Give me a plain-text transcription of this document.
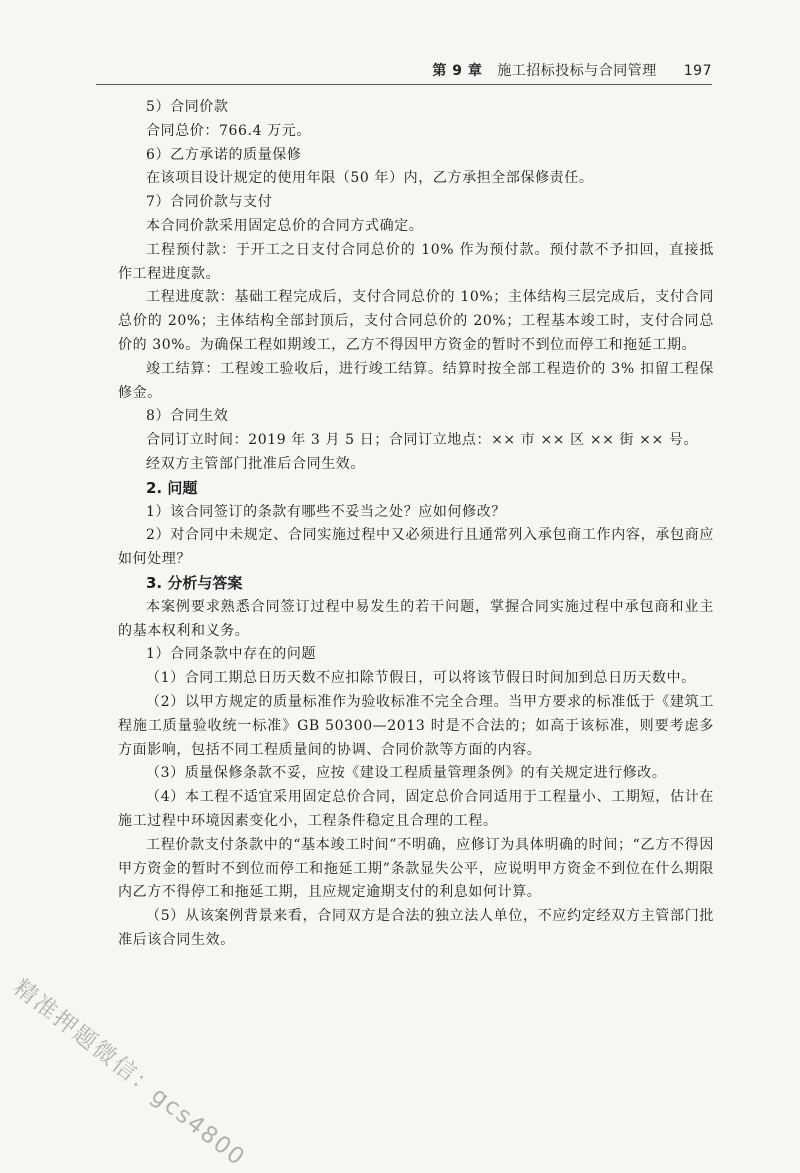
第 9 章 施工招标投标与合同管理 197

5）合同价款

合同总价：766.4 万元。

6）乙方承诺的质量保修

在该项目设计规定的使用年限（50 年）内，乙方承担全部保修责任。

7）合同价款与支付

本合同价款采用固定总价的合同方式确定。

工程预付款：于开工之日支付合同总价的 10% 作为预付款。预付款不予扣回，直接抵作工程进度款。

工程进度款：基础工程完成后，支付合同总价的 10%；主体结构三层完成后，支付合同总价的 20%；主体结构全部封顶后，支付合同总价的 20%；工程基本竣工时，支付合同总价的 30%。为确保工程如期竣工，乙方不得因甲方资金的暂时不到位而停工和拖延工期。

竣工结算：工程竣工验收后，进行竣工结算。结算时按全部工程造价的 3% 扣留工程保修金。

8）合同生效

合同订立时间：2019 年 3 月 5 日；合同订立地点：×× 市 ×× 区 ×× 街 ×× 号。

经双方主管部门批准后合同生效。

2. 问题

1）该合同签订的条款有哪些不妥当之处？应如何修改？

2）对合同中未规定、合同实施过程中又必须进行且通常列入承包商工作内容，承包商应如何处理？

3. 分析与答案

本案例要求熟悉合同签订过程中易发生的若干问题，掌握合同实施过程中承包商和业主的基本权利和义务。

1）合同条款中存在的问题

（1）合同工期总日历天数不应扣除节假日，可以将该节假日时间加到总日历天数中。

（2）以甲方规定的质量标准作为验收标准不完全合理。当甲方要求的标准低于《建筑工程施工质量验收统一标准》GB 50300—2013 时是不合法的；如高于该标准，则要考虑多方面影响，包括不同工程质量间的协调、合同价款等方面的内容。

（3）质量保修条款不妥，应按《建设工程质量管理条例》的有关规定进行修改。

（4）本工程不适宜采用固定总价合同，固定总价合同适用于工程量小、工期短，估计在施工过程中环境因素变化小，工程条件稳定且合理的工程。

工程价款支付条款中的“基本竣工时间”不明确，应修订为具体明确的时间；“乙方不得因甲方资金的暂时不到位而停工和拖延工期”条款显失公平，应说明甲方资金不到位在什么期限内乙方不得停工和拖延工期，且应规定逾期支付的利息如何计算。

（5）从该案例背景来看，合同双方是合法的独立法人单位，不应约定经双方主管部门批准后该合同生效。

精准押题微信：gcs4800
